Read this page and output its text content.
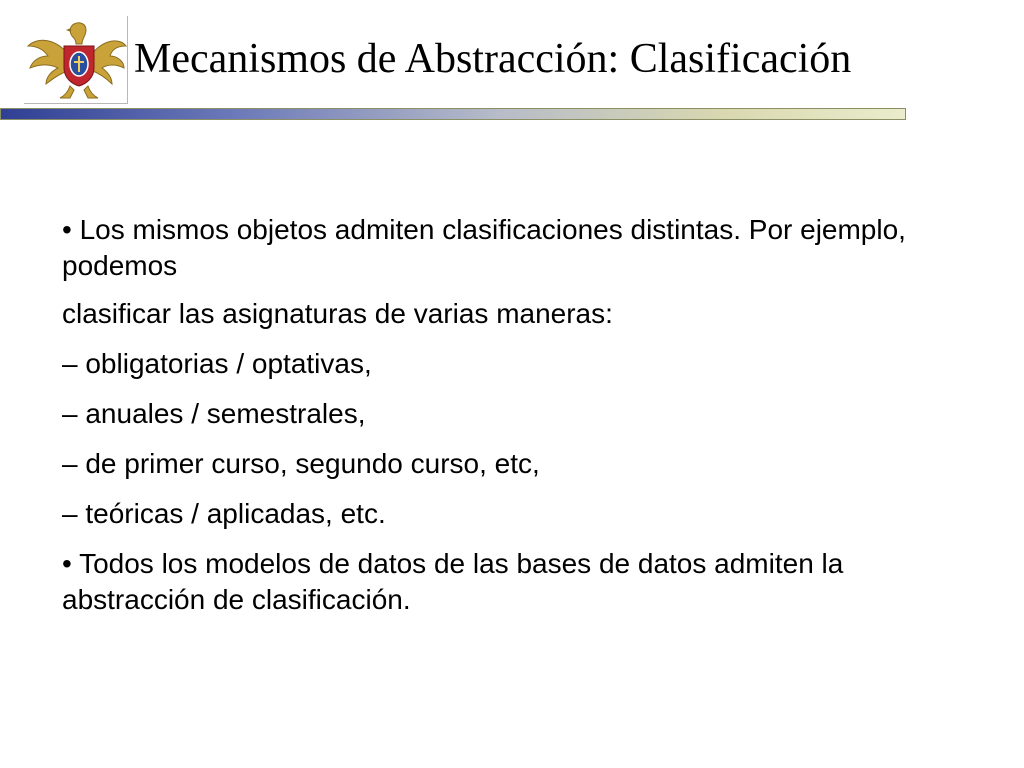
Mecanismos de Abstracción: Clasificación

• Los mismos objetos admiten clasificaciones distintas. Por ejemplo, podemos

clasificar las asignaturas de varias maneras:

– obligatorias / optativas,

– anuales / semestrales,

– de primer curso, segundo curso, etc,

– teóricas / aplicadas, etc.

• Todos los modelos de datos de las bases de datos admiten la abstracción de clasificación.
